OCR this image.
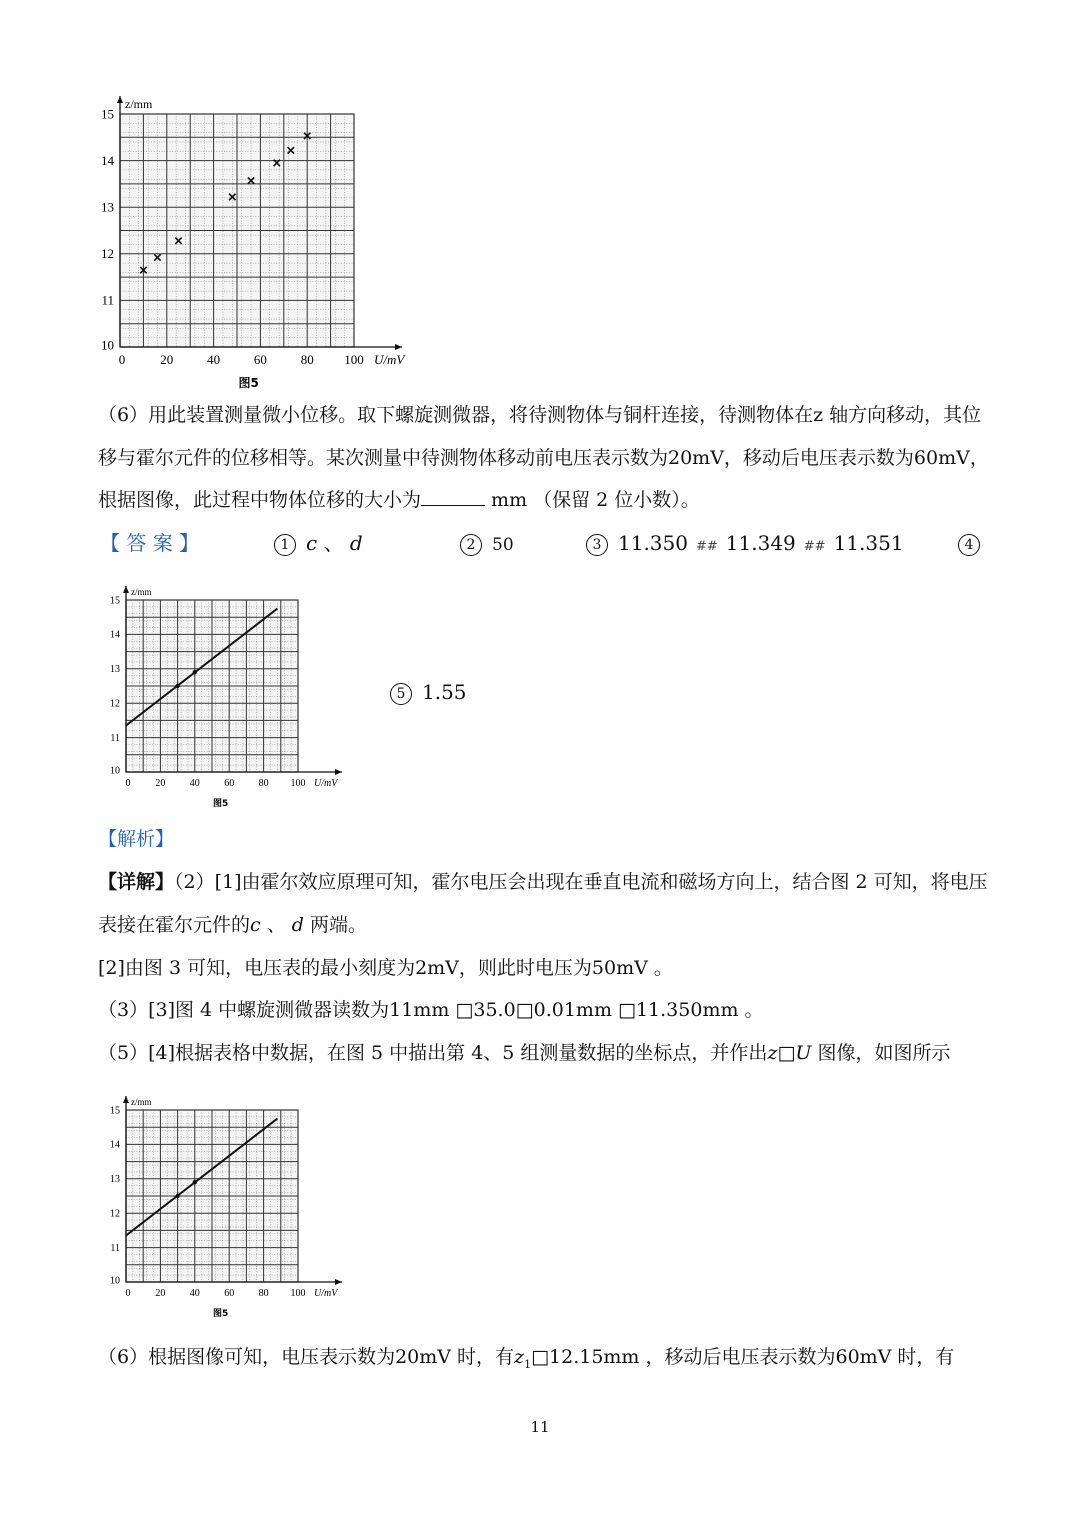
0	20	40	60	80 100
10
11
12
13
14
15
z/mm
U/mV
图5
（6）用此装置测量微小位移。取下螺旋测微器，将待测物体与铜杆连接，待测物体在z 轴方向移动，其位
移与霍尔元件的位移相等。某次测量中待测物体移动前电压表示数为20mV，移动后电压表示数为60mV，
根据图像，此过程中物体位移的大小为	mm （保留 2 位小数）。
【 答 案 】	1 c 、 d	2 50	3 11.350 ## 11.349 ## 11.351	4
0 20 40 60 80 100
10
11
12
13
14
15
z/mm
U/mV
图5
5 1.55
【解析】
【详解】（2）[1]由霍尔效应原理可知，霍尔电压会出现在垂直电流和磁场方向上，结合图 2 可知，将电压
表接在霍尔元件的c 、 d 两端。
[2]由图 3 可知，电压表的最小刻度为2mV，则此时电压为50mV 。
（3）[3]图 4 中螺旋测微器读数为11mm □35.0□0.01mm □11.350mm 。
（5）[4]根据表格中数据，在图 5 中描出第 4、5 组测量数据的坐标点，并作出z□U 图像，如图所示
0 20 40 60 80 100
10
11
12
13
14
15
z/mm
U/mV
图5
（6）根据图像可知，电压表示数为20mV 时，有$z_1□12.15mm$ ，移动后电压表示数为60mV 时，有
11
